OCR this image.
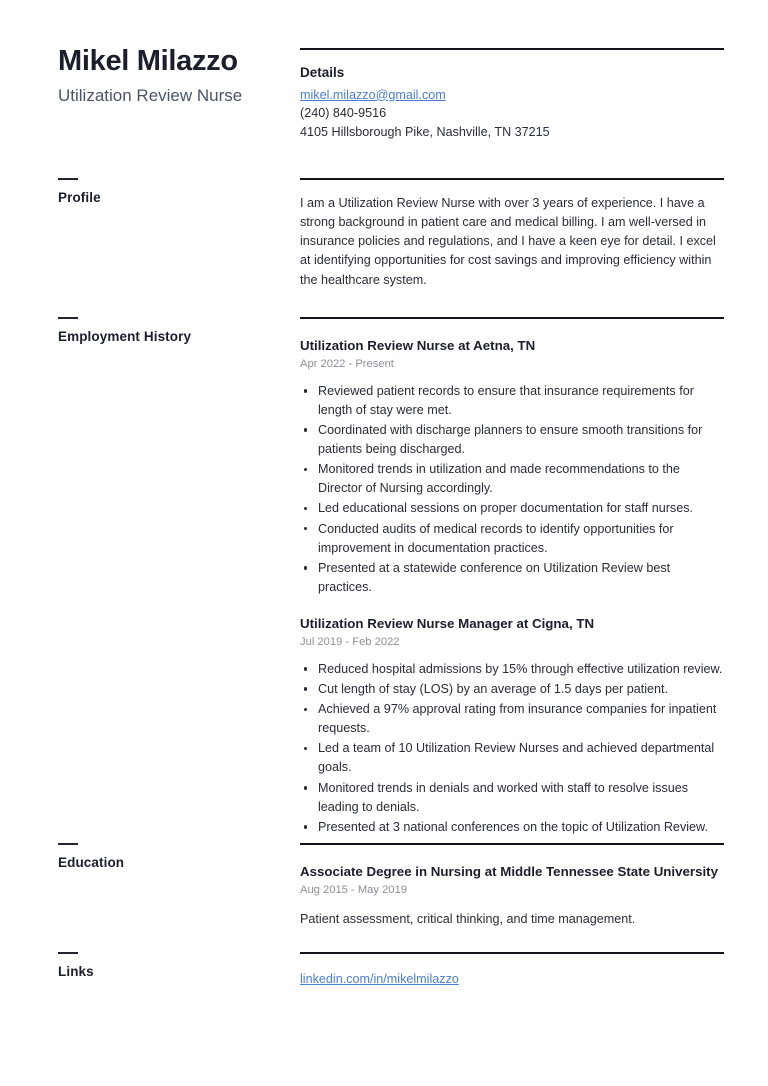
Mikel Milazzo
Utilization Review Nurse
Details
mikel.milazzo@gmail.com
(240) 840-9516
4105 Hillsborough Pike, Nashville, TN 37215
Profile	I am a Utilization Review Nurse with over 3 years of experience. I have a strong background in patient care and medical billing. I am well-versed in insurance policies and regulations, and I have a keen eye for detail. I excel at identifying opportunities for cost savings and improving efficiency within the healthcare system.
Employment History
Utilization Review Nurse at Aetna, TN
Apr 2022 - Present
Reviewed patient records to ensure that insurance requirements for length of stay were met.
Coordinated with discharge planners to ensure smooth transitions for patients being discharged.
Monitored trends in utilization and made recommendations to the Director of Nursing accordingly.
Led educational sessions on proper documentation for staff nurses.
Conducted audits of medical records to identify opportunities for improvement in documentation practices.
Presented at a statewide conference on Utilization Review best practices.
Utilization Review Nurse Manager at Cigna, TN
Jul 2019 - Feb 2022
Reduced hospital admissions by 15% through effective utilization review.
Cut length of stay (LOS) by an average of 1.5 days per patient.
Achieved a 97% approval rating from insurance companies for inpatient requests.
Led a team of 10 Utilization Review Nurses and achieved departmental goals.
Monitored trends in denials and worked with staff to resolve issues leading to denials.
Presented at 3 national conferences on the topic of Utilization Review.
Education
Associate Degree in Nursing at Middle Tennessee State University
Aug 2015 - May 2019
Patient assessment, critical thinking, and time management.
Links	linkedin.com/in/mikelmilazzo
